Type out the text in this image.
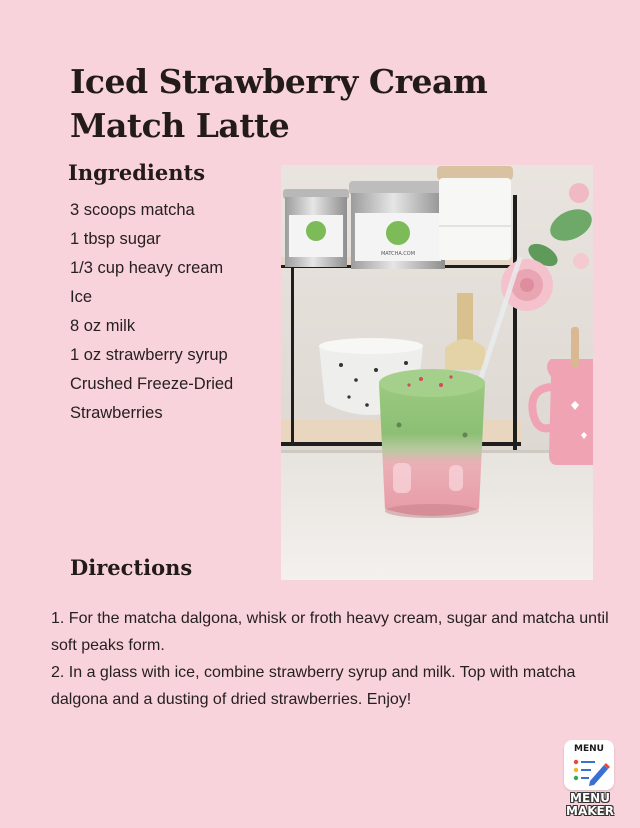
Iced Strawberry Cream
Match Latte
Ingredients
3 scoops matcha
1 tbsp sugar
1/3 cup heavy cream
Ice
8 oz milk
1 oz strawberry syrup
Crushed Freeze-Dried
Strawberries
MATCHA.COM
Directions
1. For the matcha dalgona, whisk or froth heavy cream, sugar and matcha until soft peaks form.
2. In a glass with ice, combine strawberry syrup and milk. Top with matcha dalgona and a dusting of dried strawberries. Enjoy!
MENU
MENU
MAKER
